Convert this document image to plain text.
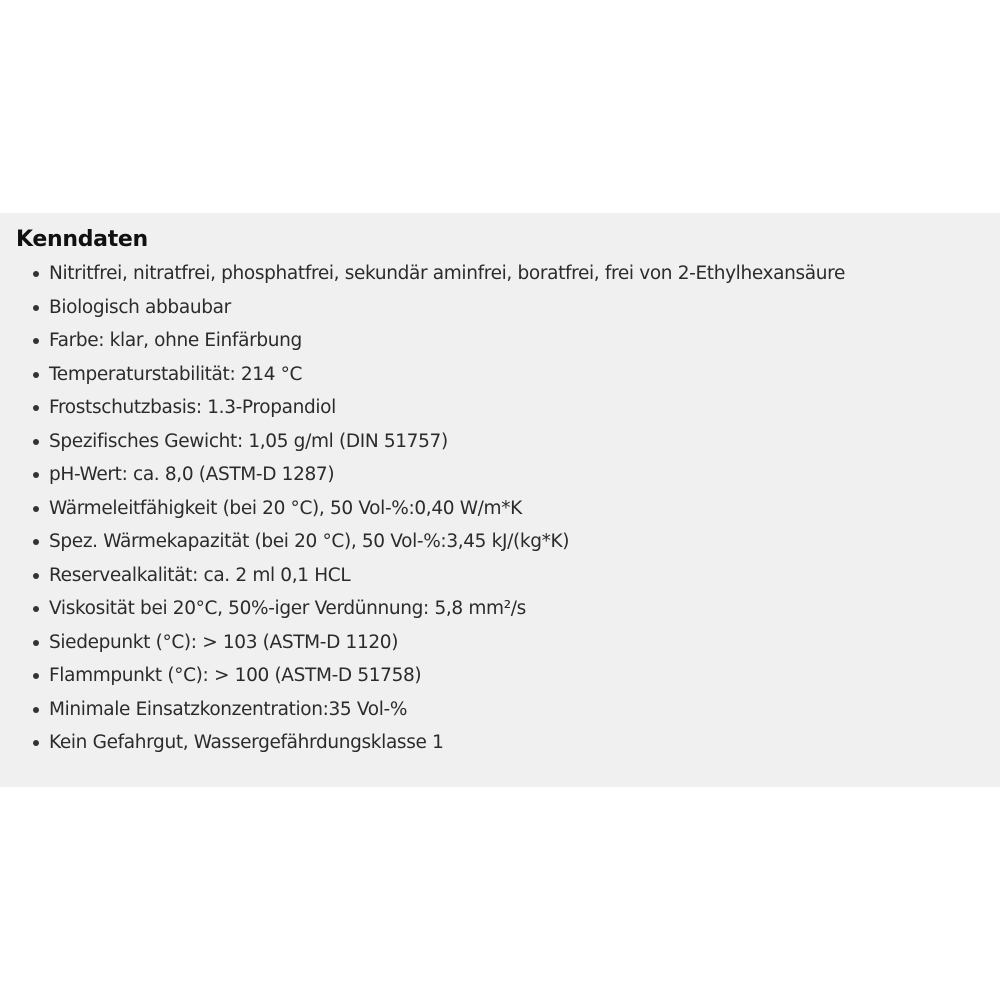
Kenndaten
Nitritfrei, nitratfrei, phosphatfrei, sekundär aminfrei, boratfrei, frei von 2-Ethylhexansäure
Biologisch abbaubar
Farbe: klar, ohne Einfärbung
Temperaturstabilität: 214 °C
Frostschutzbasis: 1.3-Propandiol
Spezifisches Gewicht: 1,05 g/ml (DIN 51757)
pH-Wert: ca. 8,0 (ASTM-D 1287)
Wärmeleitfähigkeit (bei 20 °C), 50 Vol-%:0,40 W/m*K
Spez. Wärmekapazität (bei 20 °C), 50 Vol-%:3,45 kJ/(kg*K)
Reservealkalität: ca. 2 ml 0,1 HCL
Viskosität bei 20°C, 50%-iger Verdünnung: 5,8 mm²/s
Siedepunkt (°C): > 103 (ASTM-D 1120)
Flammpunkt (°C): > 100 (ASTM-D 51758)
Minimale Einsatzkonzentration:35 Vol-%
Kein Gefahrgut, Wassergefährdungsklasse 1
